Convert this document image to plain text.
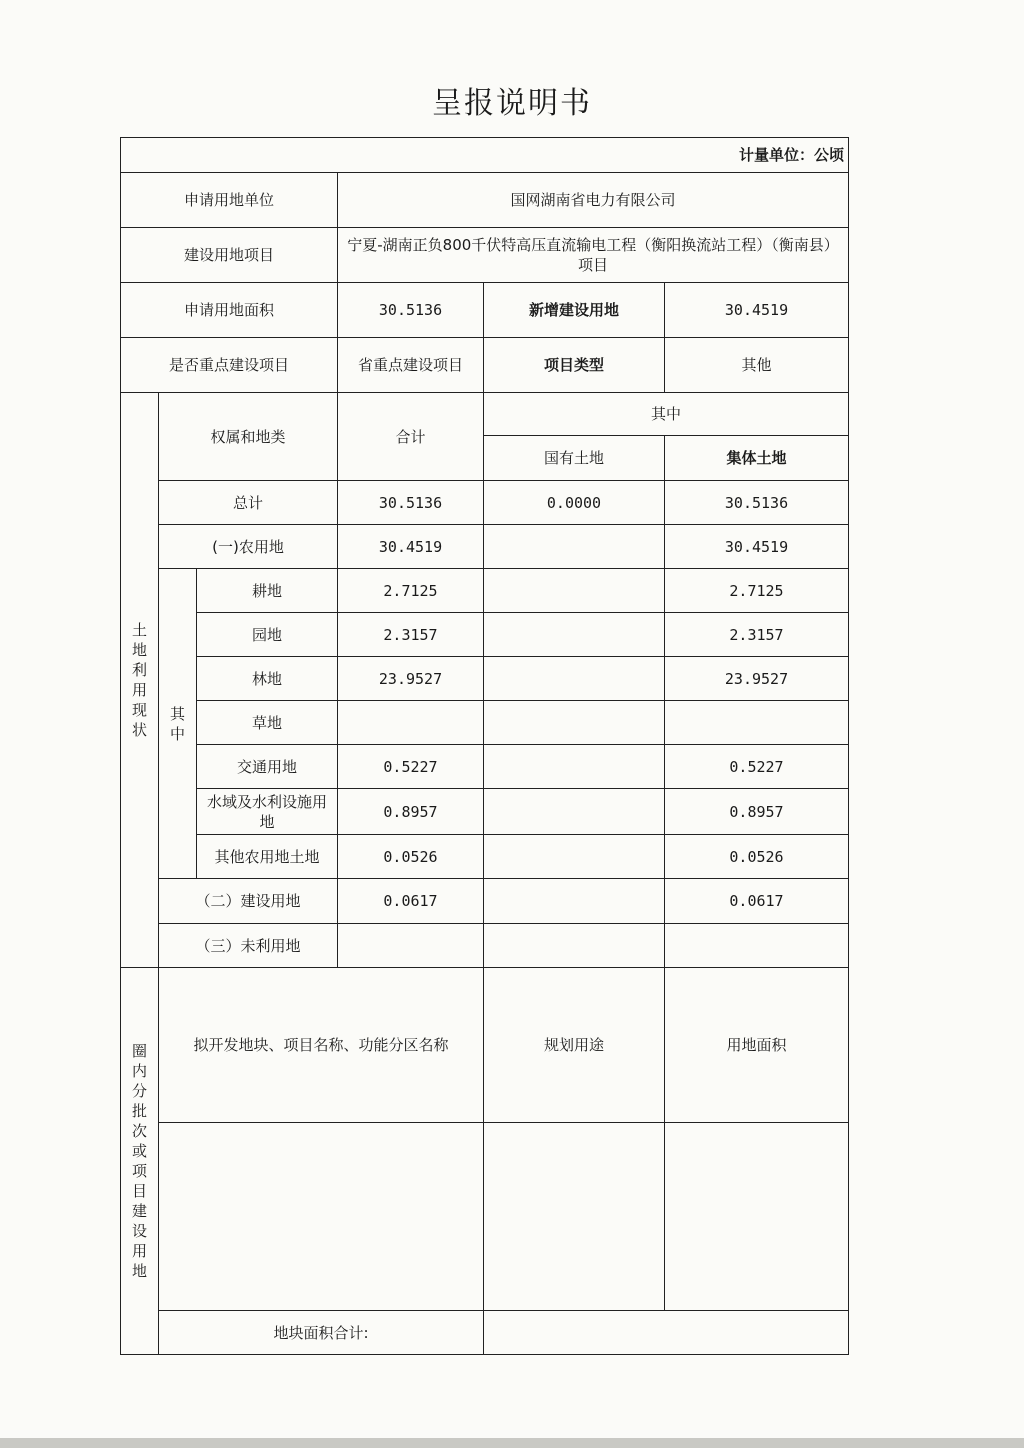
呈报说明书
计量单位：公顷					
申请用地单位			国网湖南省电力有限公司		
建设用地项目			宁夏-湖南正负800千伏特高压直流输电工程（衡阳换流站工程）（衡南县）项目		
申请用地面积			30.5136	新增建设用地	30.4519
是否重点建设项目			省重点建设项目	项目类型	其他

土地利用现状	权属和地类		合计	其中	
				国有土地	集体土地
	总计		30.5136	0.0000	30.5136
	(一)农用地		30.4519		30.4519

	其中	耕地	2.7125		2.7125
		园地	2.3157		2.3157
		林地	23.9527		23.9527
		草地			
		交通用地	0.5227		0.5227
		水域及水利设施用地	0.8957		0.8957
		其他农用地土地	0.0526		0.0526
	（二）建设用地		0.0617		0.0617
	（三）未利用地				

圈内分批次或项目建设用地	拟开发地块、项目名称、功能分区名称			规划用途	用地面积

	地块面积合计:				
